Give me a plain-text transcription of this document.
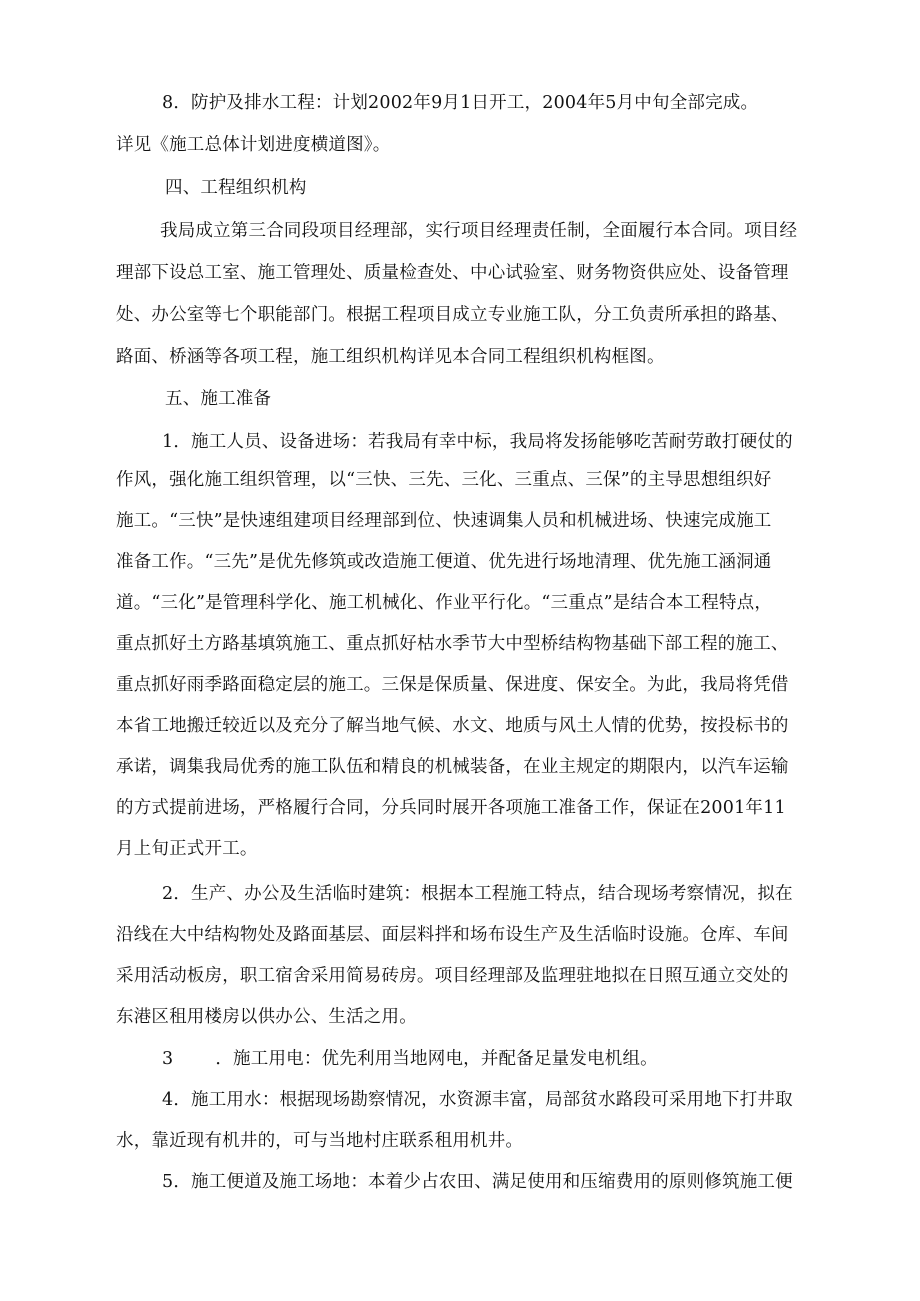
8．防护及排水工程：计划2002年9月1日开工，2004年5月中旬全部完成。
详见《施工总体计划进度横道图》。
四、工程组织机构
我局成立第三合同段项目经理部，实行项目经理责任制，全面履行本合同。项目经
理部下设总工室、施工管理处、质量检查处、中心试验室、财务物资供应处、设备管理
处、办公室等七个职能部门。根据工程项目成立专业施工队，分工负责所承担的路基、
路面、桥涵等各项工程，施工组织机构详见本合同工程组织机构框图。
五、施工准备
1．施工人员、设备进场：若我局有幸中标，我局将发扬能够吃苦耐劳敢打硬仗的
作风，强化施工组织管理，以“三快、三先、三化、三重点、三保”的主导思想组织好
施工。“三快”是快速组建项目经理部到位、快速调集人员和机械进场、快速完成施工
准备工作。“三先”是优先修筑或改造施工便道、优先进行场地清理、优先施工涵洞通
道。“三化”是管理科学化、施工机械化、作业平行化。“三重点”是结合本工程特点，
重点抓好土方路基填筑施工、重点抓好枯水季节大中型桥结构物基础下部工程的施工、
重点抓好雨季路面稳定层的施工。三保是保质量、保进度、保安全。为此，我局将凭借
本省工地搬迁较近以及充分了解当地气候、水文、地质与风土人情的优势，按投标书的
承诺，调集我局优秀的施工队伍和精良的机械装备，在业主规定的期限内，以汽车运输
的方式提前进场，严格履行合同，分兵同时展开各项施工准备工作，保证在2001年11
月上旬正式开工。
2．生产、办公及生活临时建筑：根据本工程施工特点，结合现场考察情况，拟在
沿线在大中结构物处及路面基层、面层料拌和场布设生产及生活临时设施。仓库、车间
采用活动板房，职工宿舍采用简易砖房。项目经理部及监理驻地拟在日照互通立交处的
东港区租用楼房以供办公、生活之用。
3 ．施工用电：优先利用当地网电，并配备足量发电机组。
4．施工用水：根据现场勘察情况，水资源丰富，局部贫水路段可采用地下打井取
水，靠近现有机井的，可与当地村庄联系租用机井。
5．施工便道及施工场地：本着少占农田、满足使用和压缩费用的原则修筑施工便
